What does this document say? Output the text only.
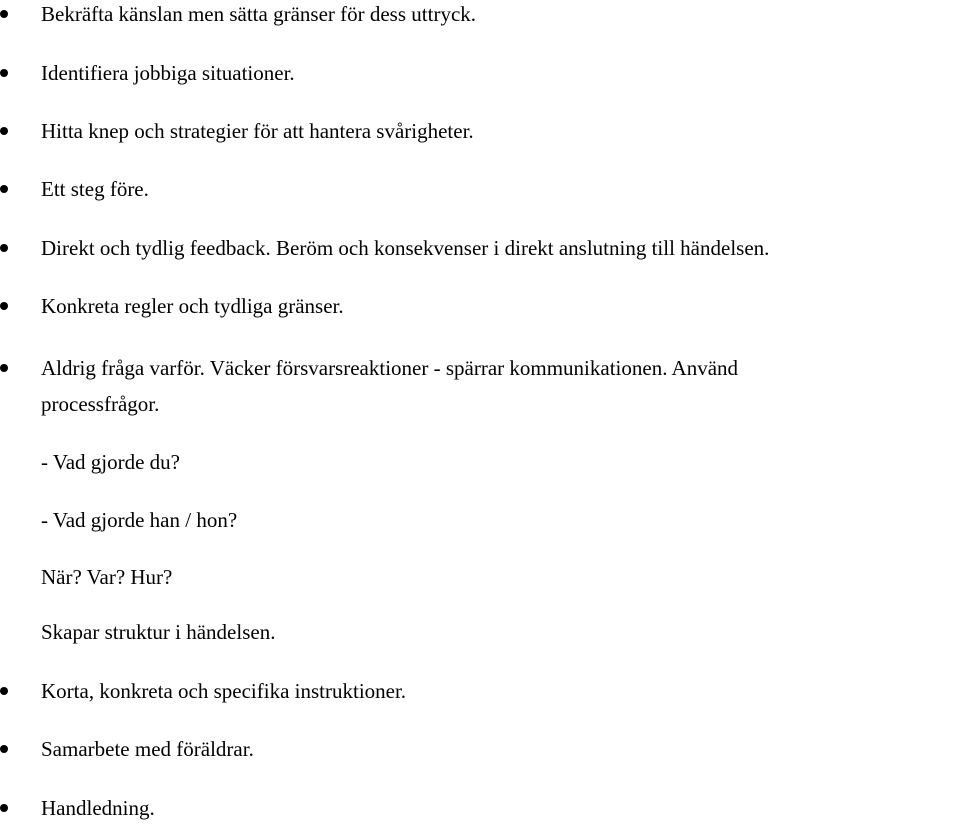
Bekräfta känslan men sätta gränser för dess uttryck.
Identifiera jobbiga situationer.
Hitta knep och strategier för att hantera svårigheter.
Ett steg före.
Direkt och tydlig feedback. Beröm och konsekvenser i direkt anslutning till händelsen.
Konkreta regler och tydliga gränser.
Aldrig fråga varför. Väcker försvarsreaktioner - spärrar kommunikationen. Använd
processfrågor.
- Vad gjorde du?
- Vad gjorde han / hon?
När? Var? Hur?
Skapar struktur i händelsen.
Korta, konkreta och specifika instruktioner.
Samarbete med föräldrar.
Handledning.
